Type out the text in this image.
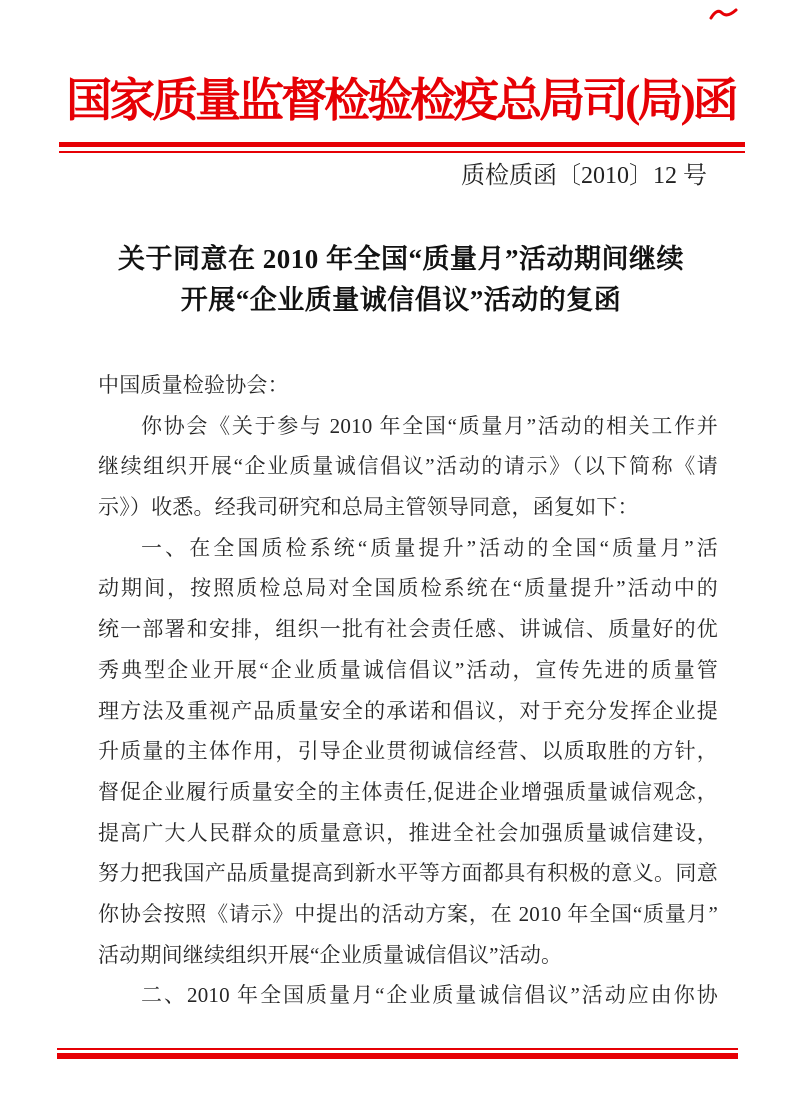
国家质量监督检验检疫总局司(局)函
质检质函〔2010〕12 号
关于同意在 2010 年全国“质量月”活动期间继续
开展“企业质量诚信倡议”活动的复函
中国质量检验协会：
你协会《关于参与 2010 年全国“质量月”活动的相关工作并
继续组织开展“企业质量诚信倡议”活动的请示》（以下简称《请
示》）收悉。经我司研究和总局主管领导同意，函复如下：
一、在全国质检系统“质量提升”活动的全国“质量月”活
动期间，按照质检总局对全国质检系统在“质量提升”活动中的
统一部署和安排，组织一批有社会责任感、讲诚信、质量好的优
秀典型企业开展“企业质量诚信倡议”活动，宣传先进的质量管
理方法及重视产品质量安全的承诺和倡议，对于充分发挥企业提
升质量的主体作用，引导企业贯彻诚信经营、以质取胜的方针，
督促企业履行质量安全的主体责任,促进企业增强质量诚信观念，
提高广大人民群众的质量意识，推进全社会加强质量诚信建设，
努力把我国产品质量提高到新水平等方面都具有积极的意义。同意
你协会按照《请示》中提出的活动方案，在 2010 年全国“质量月”
活动期间继续组织开展“企业质量诚信倡议”活动。
二、2010 年全国质量月“企业质量诚信倡议”活动应由你协
